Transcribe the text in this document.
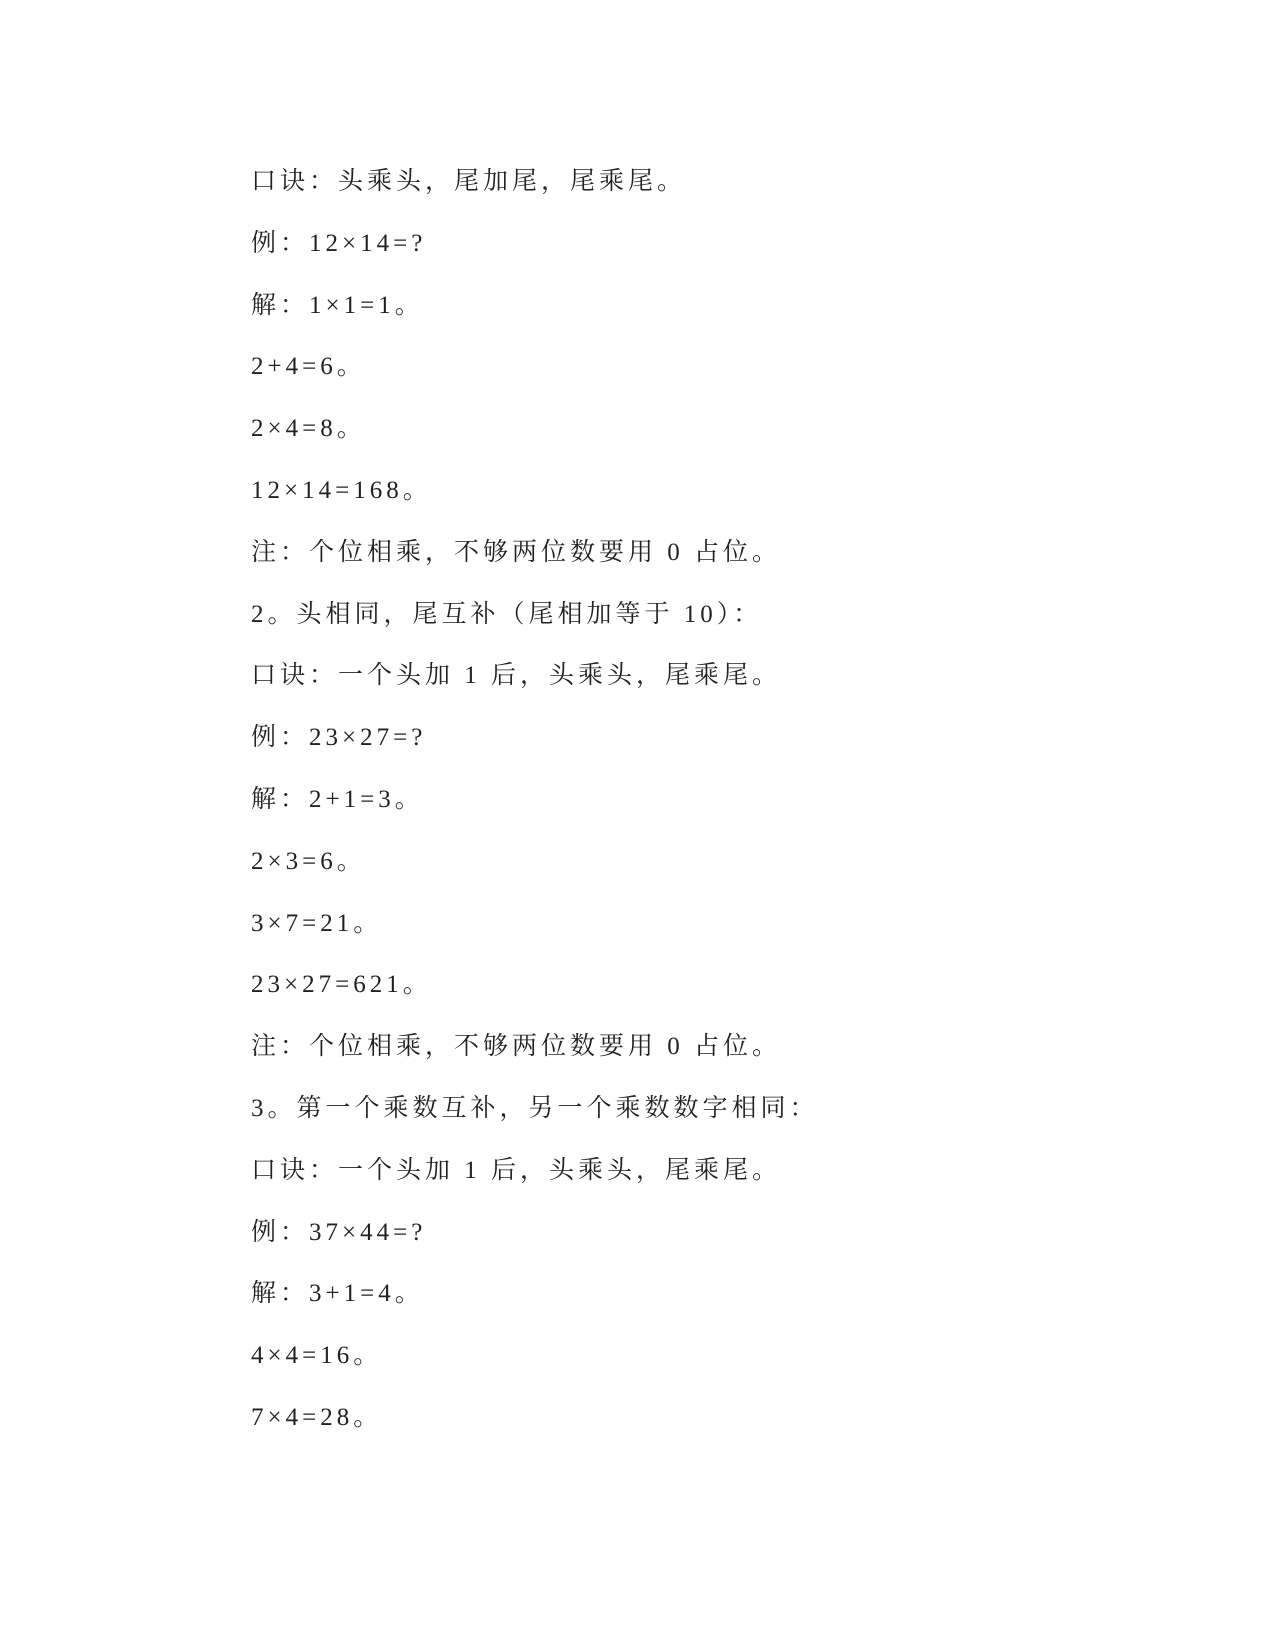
口诀：头乘头，尾加尾，尾乘尾。
例：12×14=?
解：1×1=1。
2+4=6。
2×4=8。
12×14=168。
注：个位相乘，不够两位数要用 0 占位。
2。头相同，尾互补（尾相加等于 10）：
口诀：一个头加 1 后，头乘头，尾乘尾。
例：23×27=?
解：2+1=3。
2×3=6。
3×7=21。
23×27=621。
注：个位相乘，不够两位数要用 0 占位。
3。第一个乘数互补，另一个乘数数字相同：
口诀：一个头加 1 后，头乘头，尾乘尾。
例：37×44=?
解：3+1=4。
4×4=16。
7×4=28。
